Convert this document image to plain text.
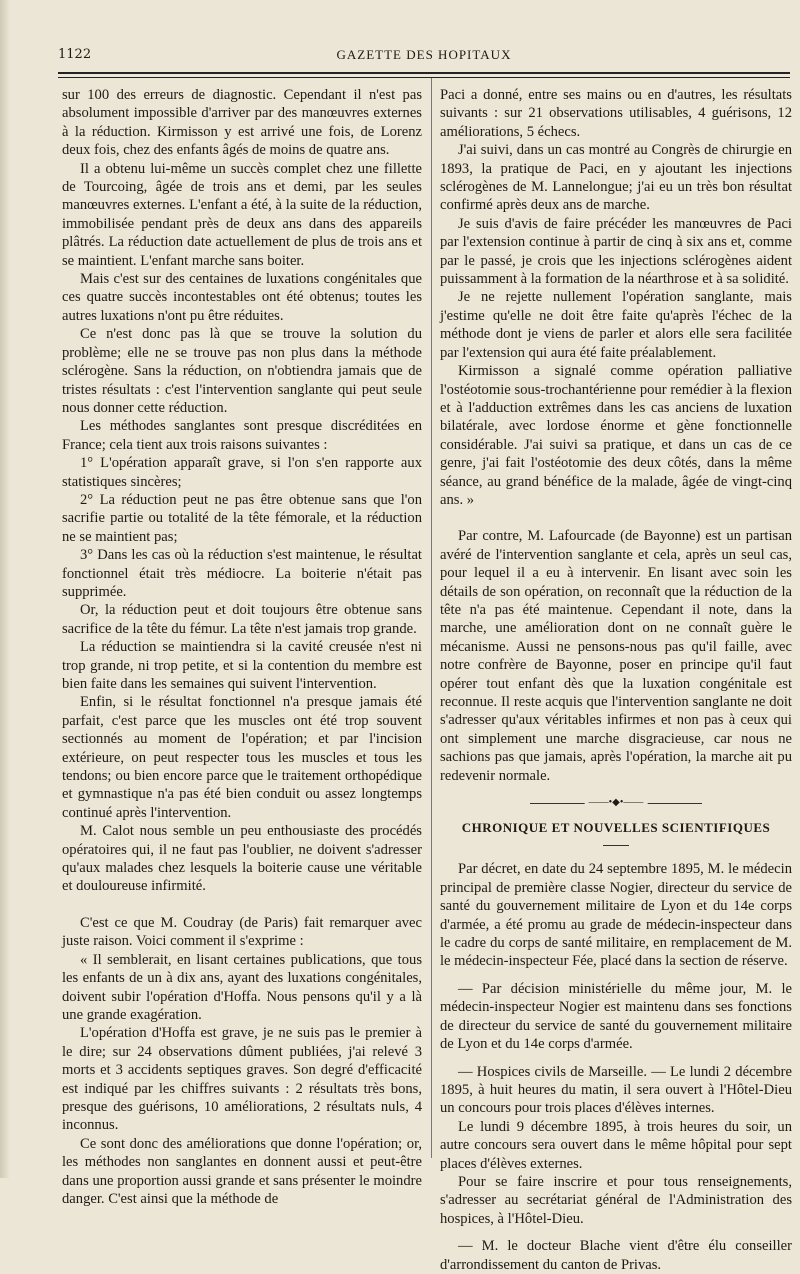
1122	GAZETTE DES HOPITAUX

sur 100 des erreurs de diagnostic. Cependant il n'est pas absolument impossible d'arriver par des manœuvres externes à la réduction. Kirmisson y est arrivé une fois, de Lorenz deux fois, chez des enfants âgés de moins de quatre ans.

Il a obtenu lui-même un succès complet chez une fillette de Tourcoing, âgée de trois ans et demi, par les seules manœuvres externes. L'enfant a été, à la suite de la réduction, immobilisée pendant près de deux ans dans des appareils plâtrés. La réduction date actuellement de plus de trois ans et se maintient. L'enfant marche sans boiter.

Mais c'est sur des centaines de luxations congénitales que ces quatre succès incontestables ont été obtenus; toutes les autres luxations n'ont pu être réduites.

Ce n'est donc pas là que se trouve la solution du problème; elle ne se trouve pas non plus dans la méthode sclérogène. Sans la réduction, on n'obtiendra jamais que de tristes résultats : c'est l'intervention sanglante qui peut seule nous donner cette réduction.

Les méthodes sanglantes sont presque discréditées en France; cela tient aux trois raisons suivantes :

1° L'opération apparaît grave, si l'on s'en rapporte aux statistiques sincères;

2° La réduction peut ne pas être obtenue sans que l'on sacrifie partie ou totalité de la tête fémorale, et la réduction ne se maintient pas;

3° Dans les cas où la réduction s'est maintenue, le résultat fonctionnel était très médiocre. La boiterie n'était pas supprimée.

Or, la réduction peut et doit toujours être obtenue sans sacrifice de la tête du fémur. La tête n'est jamais trop grande.

La réduction se maintiendra si la cavité creusée n'est ni trop grande, ni trop petite, et si la contention du membre est bien faite dans les semaines qui suivent l'intervention.

Enfin, si le résultat fonctionnel n'a presque jamais été parfait, c'est parce que les muscles ont été trop souvent sectionnés au moment de l'opération; et par l'incision extérieure, on peut respecter tous les muscles et tous les tendons; ou bien encore parce que le traitement orthopédique et gymnastique n'a pas été bien conduit ou assez longtemps continué après l'intervention.

M. Calot nous semble un peu enthousiaste des procédés opératoires qui, il ne faut pas l'oublier, ne doivent s'adresser qu'aux malades chez lesquels la boiterie cause une véritable et douloureuse infirmité.

C'est ce que M. Coudray (de Paris) fait remarquer avec juste raison. Voici comment il s'exprime :

« Il semblerait, en lisant certaines publications, que tous les enfants de un à dix ans, ayant des luxations congénitales, doivent subir l'opération d'Hoffa. Nous pensons qu'il y a là une grande exagération.

L'opération d'Hoffa est grave, je ne suis pas le premier à le dire; sur 24 observations dûment publiées, j'ai relevé 3 morts et 3 accidents septiques graves. Son degré d'efficacité est indiqué par les chiffres suivants : 2 résultats très bons, presque des guérisons, 10 améliorations, 2 résultats nuls, 4 inconnus.

Ce sont donc des améliorations que donne l'opération; or, les méthodes non sanglantes en donnent aussi et peut-être dans une proportion aussi grande et sans présenter le moindre danger. C'est ainsi que la méthode de

Paci a donné, entre ses mains ou en d'autres, les résultats suivants : sur 21 observations utilisables, 4 guérisons, 12 améliorations, 5 échecs.

J'ai suivi, dans un cas montré au Congrès de chirurgie en 1893, la pratique de Paci, en y ajoutant les injections sclérogènes de M. Lannelongue; j'ai eu un très bon résultat confirmé après deux ans de marche.

Je suis d'avis de faire précéder les manœuvres de Paci par l'extension continue à partir de cinq à six ans et, comme par le passé, je crois que les injections sclérogènes aident puissamment à la formation de la néarthrose et à sa solidité.

Je ne rejette nullement l'opération sanglante, mais j'estime qu'elle ne doit être faite qu'après l'échec de la méthode dont je viens de parler et alors elle sera facilitée par l'extension qui aura été faite préalablement.

Kirmisson a signalé comme opération palliative l'ostéotomie sous-trochantérienne pour remédier à la flexion et à l'adduction extrêmes dans les cas anciens de luxation bilatérale, avec lordose énorme et gène fonctionnelle considérable. J'ai suivi sa pratique, et dans un cas de ce genre, j'ai fait l'ostéotomie des deux côtés, dans la même séance, au grand bénéfice de la malade, âgée de vingt-cinq ans. »

Par contre, M. Lafourcade (de Bayonne) est un partisan avéré de l'intervention sanglante et cela, après un seul cas, pour lequel il a eu à intervenir. En lisant avec soin les détails de son opération, on reconnaît que la réduction de la tête n'a pas été maintenue. Cependant il note, dans la marche, une amélioration dont on ne connaît guère le mécanisme. Aussi ne pensons-nous pas qu'il faille, avec notre confrère de Bayonne, poser en principe qu'il faut opérer tout enfant dès que la luxation congénitale est reconnue. Il reste acquis que l'intervention sanglante ne doit s'adresser qu'aux véritables infirmes et non pas à ceux qui ont simplement une marche disgracieuse, car nous ne sachions pas que jamais, après l'opération, la marche ait pu redevenir normale.

——•◆•——
CHRONIQUE ET NOUVELLES SCIENTIFIQUES

Par décret, en date du 24 septembre 1895, M. le médecin principal de première classe Nogier, directeur du service de santé du gouvernement militaire de Lyon et du 14e corps d'armée, a été promu au grade de médecin-inspecteur dans le cadre du corps de santé militaire, en remplacement de M. le médecin-inspecteur Fée, placé dans la section de réserve.

— Par décision ministérielle du même jour, M. le médecin-inspecteur Nogier est maintenu dans ses fonctions de directeur du service de santé du gouvernement militaire de Lyon et du 14e corps d'armée.

— Hospices civils de Marseille. — Le lundi 2 décembre 1895, à huit heures du matin, il sera ouvert à l'Hôtel-Dieu un concours pour trois places d'élèves internes.

Le lundi 9 décembre 1895, à trois heures du soir, un autre concours sera ouvert dans le même hôpital pour sept places d'élèves externes.

Pour se faire inscrire et pour tous renseignements, s'adresser au secrétariat général de l'Administration des hospices, à l'Hôtel-Dieu.

— M. le docteur Blache vient d'être élu conseiller d'arrondissement du canton de Privas.
